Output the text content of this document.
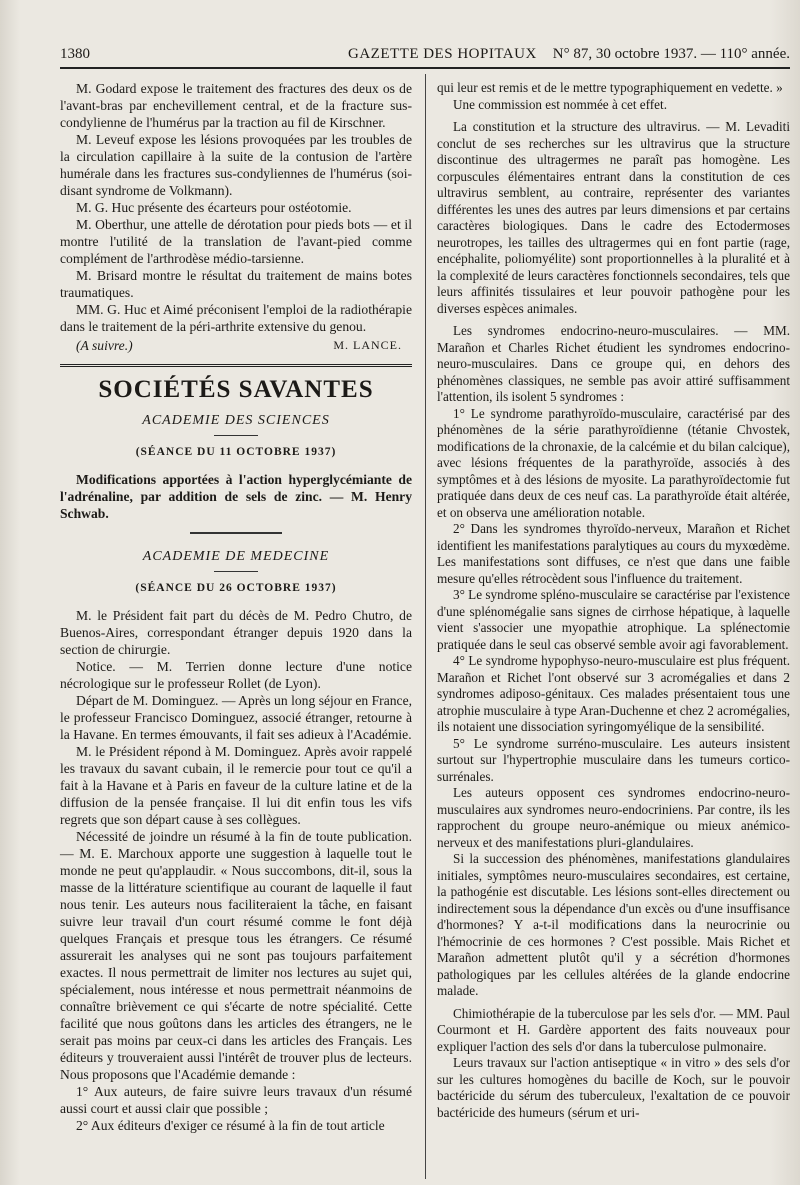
1380	GAZETTE DES HOPITAUX N° 87, 30 octobre 1937. — 110° année.

M. Godard expose le traitement des fractures des deux os de l'avant-bras par enchevillement central, et de la fracture sus-condylienne de l'humérus par la traction au fil de Kirschner.

M. Leveuf expose les lésions provoquées par les troubles de la circulation capillaire à la suite de la contusion de l'artère humérale dans les fractures sus-condyliennes de l'humérus (soi-disant syndrome de Volkmann).

M. G. Huc présente des écarteurs pour ostéotomie.

M. Oberthur, une attelle de dérotation pour pieds bots — et il montre l'utilité de la translation de l'avant-pied comme complément de l'arthrodèse médio-tarsienne.

M. Brisard montre le résultat du traitement de mains botes traumatiques.

MM. G. Huc et Aimé préconisent l'emploi de la radiothérapie dans le traitement de la péri-arthrite extensive du genou.

(A suivre.)	M. LANCE.
SOCIÉTÉS SAVANTES
ACADEMIE DES SCIENCES
(SÉANCE DU 11 OCTOBRE 1937)

Modifications apportées à l'action hyperglycémiante de l'adrénaline, par addition de sels de zinc. — M. Henry Schwab.

ACADEMIE DE MEDECINE
(SÉANCE DU 26 OCTOBRE 1937)

M. le Président fait part du décès de M. Pedro Chutro, de Buenos-Aires, correspondant étranger depuis 1920 dans la section de chirurgie.

Notice. — M. Terrien donne lecture d'une notice nécrologique sur le professeur Rollet (de Lyon).

Départ de M. Dominguez. — Après un long séjour en France, le professeur Francisco Dominguez, associé étranger, retourne à la Havane. En termes émouvants, il fait ses adieux à l'Académie.

M. le Président répond à M. Dominguez. Après avoir rappelé les travaux du savant cubain, il le remercie pour tout ce qu'il a fait à la Havane et à Paris en faveur de la culture latine et de la diffusion de la pensée française. Il lui dit enfin tous les vifs regrets que son départ cause à ses collègues.

Nécessité de joindre un résumé à la fin de toute publication. — M. E. Marchoux apporte une suggestion à laquelle tout le monde ne peut qu'applaudir. « Nous succombons, dit-il, sous la masse de la littérature scientifique au courant de laquelle il faut nous tenir. Les auteurs nous faciliteraient la tâche, en faisant suivre leur travail d'un court résumé comme le font déjà quelques Français et presque tous les étrangers. Ce résumé assurerait les analyses qui ne sont pas toujours parfaitement exactes. Il nous permettrait de limiter nos lectures au sujet qui, spécialement, nous intéresse et nous permettrait néanmoins de connaître brièvement ce qui s'écarte de notre spécialité. Cette facilité que nous goûtons dans les articles des étrangers, ne le serait pas moins par ceux-ci dans les articles des Français. Les éditeurs y trouveraient aussi l'intérêt de trouver plus de lecteurs. Nous proposons que l'Académie demande :

1° Aux auteurs, de faire suivre leurs travaux d'un résumé aussi court et aussi clair que possible ;

2° Aux éditeurs d'exiger ce résumé à la fin de tout article

qui leur est remis et de le mettre typographiquement en vedette. »

Une commission est nommée à cet effet.

La constitution et la structure des ultravirus. — M. Levaditi conclut de ses recherches sur les ultravirus que la structure discontinue des ultragermes ne paraît pas homogène. Les corpuscules élémentaires entrant dans la constitution de ces ultravirus semblent, au contraire, représenter des variantes différentes les unes des autres par leurs dimensions et par certains caractères biologiques. Dans le cadre des Ectodermoses neurotropes, les tailles des ultragermes qui en font partie (rage, encéphalite, poliomyélite) sont proportionnelles à la pluralité et à la complexité de leurs caractères fonctionnels secondaires, tels que leurs affinités tissulaires et leur pouvoir pathogène pour les diverses espèces animales.

Les syndromes endocrino-neuro-musculaires. — MM. Marañon et Charles Richet étudient les syndromes endocrino-neuro-musculaires. Dans ce groupe qui, en dehors des phénomènes classiques, ne semble pas avoir attiré suffisamment l'attention, ils isolent 5 syndromes :

1° Le syndrome parathyroïdo-musculaire, caractérisé par des phénomènes de la série parathyroïdienne (tétanie Chvostek, modifications de la chronaxie, de la calcémie et du bilan calcique), avec lésions fréquentes de la parathyroïde, associés à des symptômes et à des lésions de myosite. La parathyroïdectomie fut pratiquée dans deux de ces neuf cas. La parathyroïde était altérée, et on observa une amélioration notable.

2° Dans les syndromes thyroïdo-nerveux, Marañon et Richet identifient les manifestations paralytiques au cours du myxœdème. Les manifestations sont diffuses, ce n'est que dans une faible mesure qu'elles rétrocèdent sous l'influence du traitement.

3° Le syndrome spléno-musculaire se caractérise par l'existence d'une splénomégalie sans signes de cirrhose hépatique, à laquelle vient s'associer une myopathie atrophique. La splénectomie pratiquée dans le seul cas observé semble avoir agi favorablement.

4° Le syndrome hypophyso-neuro-musculaire est plus fréquent. Marañon et Richet l'ont observé sur 3 acromégalies et dans 2 syndromes adiposo-génitaux. Ces malades présentaient tous une atrophie musculaire à type Aran-Duchenne et chez 2 acromégalies, ils notaient une dissociation syringomyélique de la sensibilité.

5° Le syndrome surréno-musculaire. Les auteurs insistent surtout sur l'hypertrophie musculaire dans les tumeurs cortico-surrénales.

Les auteurs opposent ces syndromes endocrino-neuro-musculaires aux syndromes neuro-endocriniens. Par contre, ils les rapprochent du groupe neuro-anémique ou mieux anémico-nerveux et des manifestations pluri-glandulaires.

Si la succession des phénomènes, manifestations glandulaires initiales, symptômes neuro-musculaires secondaires, est certaine, la pathogénie est discutable. Les lésions sont-elles directement ou indirectement sous la dépendance d'un excès ou d'une insuffisance d'hormones? Y a-t-il modifications dans la neurocrinie ou l'hémocrinie de ces hormones ? C'est possible. Mais Richet et Marañon admettent plutôt qu'il y a sécrétion d'hormones pathologiques par les cellules altérées de la glande endocrine malade.

Chimiothérapie de la tuberculose par les sels d'or. — MM. Paul Courmont et H. Gardère apportent des faits nouveaux pour expliquer l'action des sels d'or dans la tuberculose pulmonaire.

Leurs travaux sur l'action antiseptique « in vitro » des sels d'or sur les cultures homogènes du bacille de Koch, sur le pouvoir bactéricide du sérum des tuberculeux, l'exaltation de ce pouvoir bactéricide des humeurs (sérum et uri-
